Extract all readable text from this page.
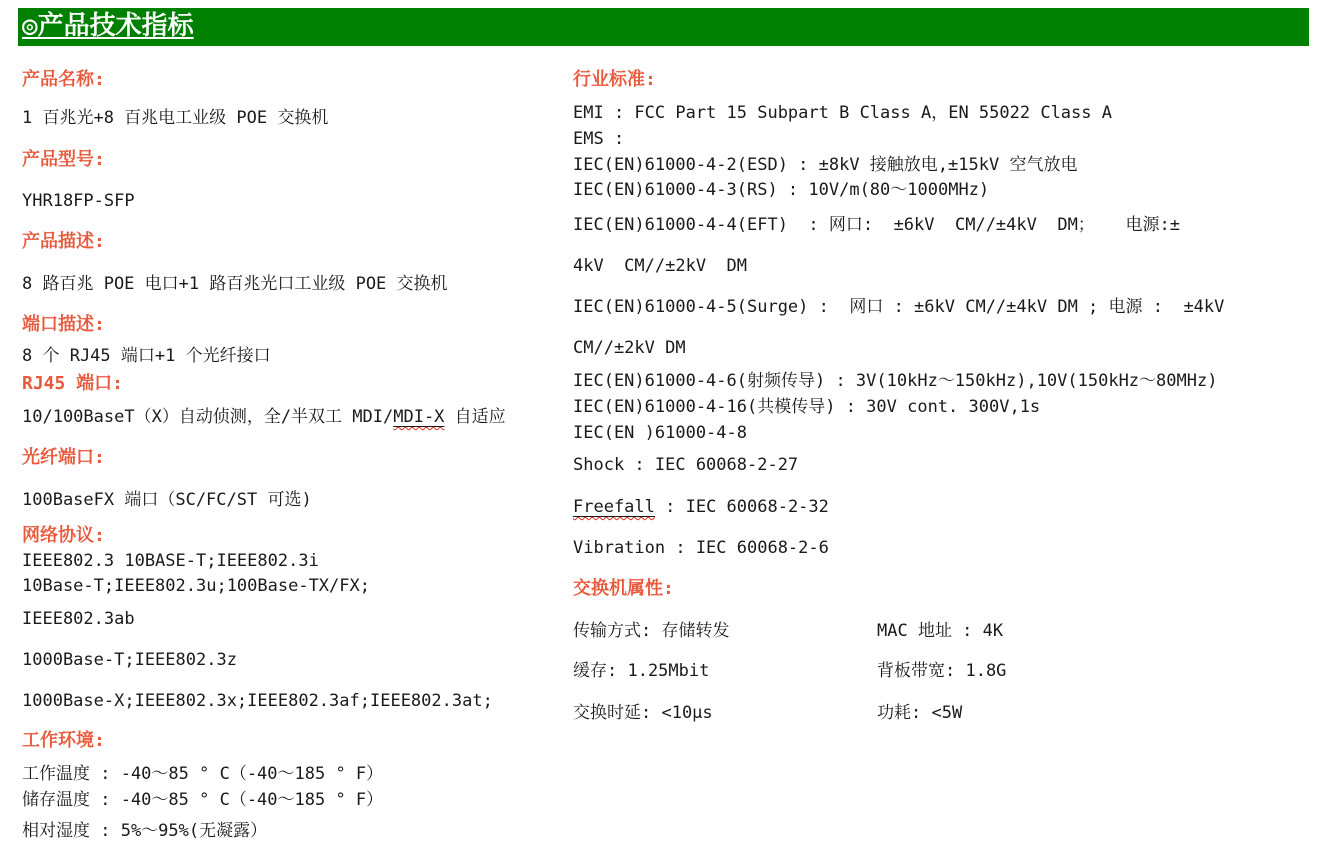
◎产品技术指标
产品名称:
1 百兆光+8 百兆电工业级 POE 交换机
产品型号:
YHR18FP-SFP
产品描述:
8 路百兆 POE 电口+1 路百兆光口工业级 POE 交换机
端口描述:
8 个 RJ45 端口+1 个光纤接口
RJ45 端口:
10/100BaseT（X）自动侦测，全/半双工 MDI/MDI-X 自适应
光纤端口:
100BaseFX 端口（SC/FC/ST 可选)
网络协议:
IEEE802.3 10BASE-T;IEEE802.3i
10Base-T;IEEE802.3u;100Base-TX/FX;
IEEE802.3ab
1000Base-T;IEEE802.3z
1000Base-X;IEEE802.3x;IEEE802.3af;IEEE802.3at;
工作环境:
工作温度 : -40～85 ° C（-40～185 ° F）
储存温度 : -40～85 ° C（-40～185 ° F）
相对湿度 : 5%～95%(无凝露）
行业标准:
EMI : FCC Part 15 Subpart B Class A，EN 55022 Class A
EMS :
IEC(EN)61000-4-2(ESD) : ±8kV 接触放电,±15kV 空气放电
IEC(EN)61000-4-3(RS) : 10V/m(80～1000MHz)
IEC(EN)61000-4-4(EFT)  : 网口:  ±6kV  CM//±4kV  DM；   电源:±
4kV  CM//±2kV  DM
IEC(EN)61000-4-5(Surge) :  网口 : ±6kV CM//±4kV DM ; 电源 :  ±4kV
CM//±2kV DM
IEC(EN)61000-4-6(射频传导) : 3V(10kHz～150kHz),10V(150kHz～80MHz)
IEC(EN)61000-4-16(共模传导) : 30V cont. 300V,1s
IEC(EN )61000-4-8
Shock : IEC 60068-2-27
Freefall : IEC 60068-2-32
Vibration : IEC 60068-2-6
交换机属性:
传输方式: 存储转发	MAC 地址 : 4K
缓存: 1.25Mbit	背板带宽: 1.8G
交换时延: <10μs	功耗: <5W
